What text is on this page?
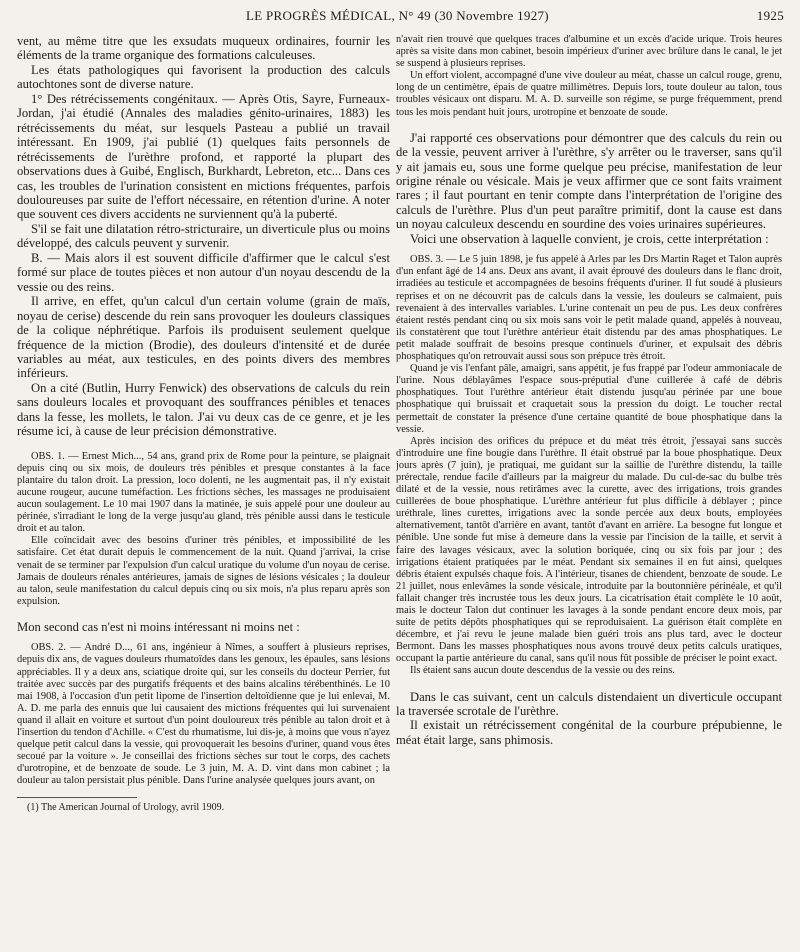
LE PROGRÈS MÉDICAL, N° 49 (30 Novembre 1927)	1925

vent, au même titre que les exsudats muqueux ordinaires, fournir les éléments de la trame organique des formations calculeuses.

Les états pathologiques qui favorisent la production des calculs autochtones sont de diverse nature.

1° Des rétrécissements congénitaux. — Après Otis, Sayre, Furneaux-Jordan, j'ai étudié (Annales des maladies génito-urinaires, 1883) les rétrécissements du méat, sur lesquels Pasteau a publié un travail intéressant. En 1909, j'ai publié (1) quelques faits personnels de rétrécissements de l'urèthre profond, et rapporté la plupart des observations dues à Guibé, Englisch, Burkhardt, Lebreton, etc... Dans ces cas, les troubles de l'urination consistent en mictions fréquentes, parfois douloureuses par suite de l'effort nécessaire, en rétention d'urine. A noter que souvent ces divers accidents ne surviennent qu'à la puberté.

S'il se fait une dilatation rétro-stricturaire, un diverticule plus ou moins développé, des calculs peuvent y survenir.

B. — Mais alors il est souvent difficile d'affirmer que le calcul s'est formé sur place de toutes pièces et non autour d'un noyau descendu de la vessie ou des reins.

Il arrive, en effet, qu'un calcul d'un certain volume (grain de maïs, noyau de cerise) descende du rein sans provoquer les douleurs classiques de la colique néphrétique. Parfois ils produisent seulement quelque fréquence de la miction (Brodie), des douleurs d'intensité et de durée variables au méat, aux testicules, en des points divers des membres inférieurs.

On a cité (Butlin, Hurry Fenwick) des observations de calculs du rein sans douleurs locales et provoquant des souffrances pénibles et tenaces dans la fesse, les mollets, le talon. J'ai vu deux cas de ce genre, et je les résume ici, à cause de leur précision démonstrative.

OBS. 1. — Ernest Mich..., 54 ans, grand prix de Rome pour la peinture, se plaignait depuis cinq ou six mois, de douleurs très pénibles et presque constantes à la face plantaire du talon droit. La pression, loco dolenti, ne les augmentait pas, il n'y existait aucune rougeur, aucune tuméfaction. Les frictions sèches, les massages ne produisaient aucun soulagement. Le 10 mai 1907 dans la matinée, je suis appelé pour une douleur au périnée, s'irradiant le long de la verge jusqu'au gland, très pénible aussi dans le testicule droit et au talon.

Elle coïncidait avec des besoins d'uriner très pénibles, et impossibilité de les satisfaire. Cet état durait depuis le commencement de la nuit. Quand j'arrivai, la crise venait de se terminer par l'expulsion d'un calcul uratique du volume d'un noyau de cerise. Jamais de douleurs rénales antérieures, jamais de signes de lésions vésicales ; la douleur au talon, seule manifestation du calcul depuis cinq ou six mois, n'a plus reparu après son expulsion.

Mon second cas n'est ni moins intéressant ni moins net :

OBS. 2. — André D..., 61 ans, ingénieur à Nîmes, a souffert à plusieurs reprises, depuis dix ans, de vagues douleurs rhumatoïdes dans les genoux, les épaules, sans lésions appréciables. Il y a deux ans, sciatique droite qui, sur les conseils du docteur Perrier, fut traitée avec succès par des purgatifs fréquents et des bains alcalins térébenthinés. Le 10 mai 1908, à l'occasion d'un petit lipome de l'insertion deltoïdienne que je lui enlevai, M. A. D. me parla des ennuis que lui causaient des mictions fréquentes qui lui survenaient quand il allait en voiture et surtout d'un point douloureux très pénible au talon droit et à l'insertion du tendon d'Achille. « C'est du rhumatisme, lui dis-je, à moins que vous n'ayez quelque petit calcul dans la vessie, qui provoquerait les besoins d'uriner, quand vous êtes secoué par la voiture ». Je conseillai des frictions sèches sur tout le corps, des cachets d'urotropine, et de benzoate de soude. Le 3 juin, M. A. D. vint dans mon cabinet ; la douleur au talon persistait plus pénible. Dans l'urine analysée quelques jours avant, on

(1) The American Journal of Urology, avril 1909.

n'avait rien trouvé que quelques traces d'albumine et un excès d'acide urique. Trois heures après sa visite dans mon cabinet, besoin impérieux d'uriner avec brûlure dans le canal, le jet se suspend à plusieurs reprises.

Un effort violent, accompagné d'une vive douleur au méat, chasse un calcul rouge, grenu, long de un centimètre, épais de quatre millimètres. Depuis lors, toute douleur au talon, tous troubles vésicaux ont disparu. M. A. D. surveille son régime, se purge fréquemment, prend tous les mois pendant huit jours, urotropine et benzoate de soude.

J'ai rapporté ces observations pour démontrer que des calculs du rein ou de la vessie, peuvent arriver à l'urèthre, s'y arrêter ou le traverser, sans qu'il y ait jamais eu, sous une forme quelque peu précise, manifestation de leur origine rénale ou vésicale. Mais je veux affirmer que ce sont faits vraiment rares ; il faut pourtant en tenir compte dans l'interprétation de l'origine des calculs de l'urèthre. Plus d'un peut paraître primitif, dont la cause est dans un noyau calculeux descendu en sourdine des voies urinaires supérieures.

Voici une observation à laquelle convient, je crois, cette interprétation :

OBS. 3. — Le 5 juin 1898, je fus appelé à Arles par les Drs Martin Raget et Talon auprès d'un enfant âgé de 14 ans. Deux ans avant, il avait éprouvé des douleurs dans le flanc droit, irradiées au testicule et accompagnées de besoins fréquents d'uriner. Il fut soudé à plusieurs reprises et on ne découvrit pas de calculs dans la vessie, les douleurs se calmaient, puis revenaient à des intervalles variables. L'urine contenait un peu de pus. Les deux confrères étaient restés pendant cinq ou six mois sans voir le petit malade quand, appelés à nouveau, ils constatèrent que tout l'urèthre antérieur était distendu par des amas phosphatiques. Le petit malade souffrait de besoins presque continuels d'uriner, et expulsait des débris phosphatiques qu'on retrouvait aussi sous son prépuce très étroit.

Quand je vis l'enfant pâle, amaigri, sans appétit, je fus frappé par l'odeur ammoniacale de l'urine. Nous déblayâmes l'espace sous-préputial d'une cuillerée à café de débris phosphatiques. Tout l'urèthre antérieur était distendu jusqu'au périnée par une boue phosphatique qui bruissait et craquetait sous la pression du doigt. Le toucher rectal permettait de constater la présence d'une certaine quantité de boue phosphatique dans la vessie.

Après incision des orifices du prépuce et du méat très étroit, j'essayai sans succès d'introduire une fine bougie dans l'urèthre. Il était obstrué par la boue phosphatique. Deux jours après (7 juin), je pratiquai, me guidant sur la saillie de l'urèthre distendu, la taille prérectale, rendue facile d'ailleurs par la maigreur du malade. Du cul-de-sac du bulbe très dilaté et de la vessie, nous retirâmes avec la curette, avec des irrigations, trois grandes cuillerées de boue phosphatique. L'urèthre antérieur fut plus difficile à déblayer ; pince uréthrale, lines curettes, irrigations avec la sonde percée aux deux bouts, employées alternativement, tantôt d'arrière en avant, tantôt d'avant en arrière. La besogne fut longue et pénible. Une sonde fut mise à demeure dans la vessie par l'incision de la taille, et servit à faire des lavages vésicaux, avec la solution boriquée, cinq ou six fois par jour ; des irrigations étaient pratiquées par le méat. Pendant six semaines il en fut ainsi, quelques débris étaient expulsés chaque fois. A l'intérieur, tisanes de chiendent, benzoate de soude. Le 21 juillet, nous enlevâmes la sonde vésicale, introduite par la boutonnière périnéale, et qu'il fallait changer très incrustée tous les deux jours. La cicatrisation était complète le 10 août, mais le docteur Talon dut continuer les lavages à la sonde pendant encore deux mois, par suite de petits dépôts phosphatiques qui se reproduisaient. La guérison était complète en décembre, et j'ai revu le jeune malade bien guéri trois ans plus tard, avec le docteur Bermont. Dans les masses phosphatiques nous avons trouvé deux petits calculs uratiques, occupant la partie antérieure du canal, sans qu'il nous fût possible de préciser le point exact.

Ils étaient sans aucun doute descendus de la vessie ou des reins.

Dans le cas suivant, cent un calculs distendaient un diverticule occupant la traversée scrotale de l'urèthre.

Il existait un rétrécissement congénital de la courbure prépubienne, le méat était large, sans phimosis.
